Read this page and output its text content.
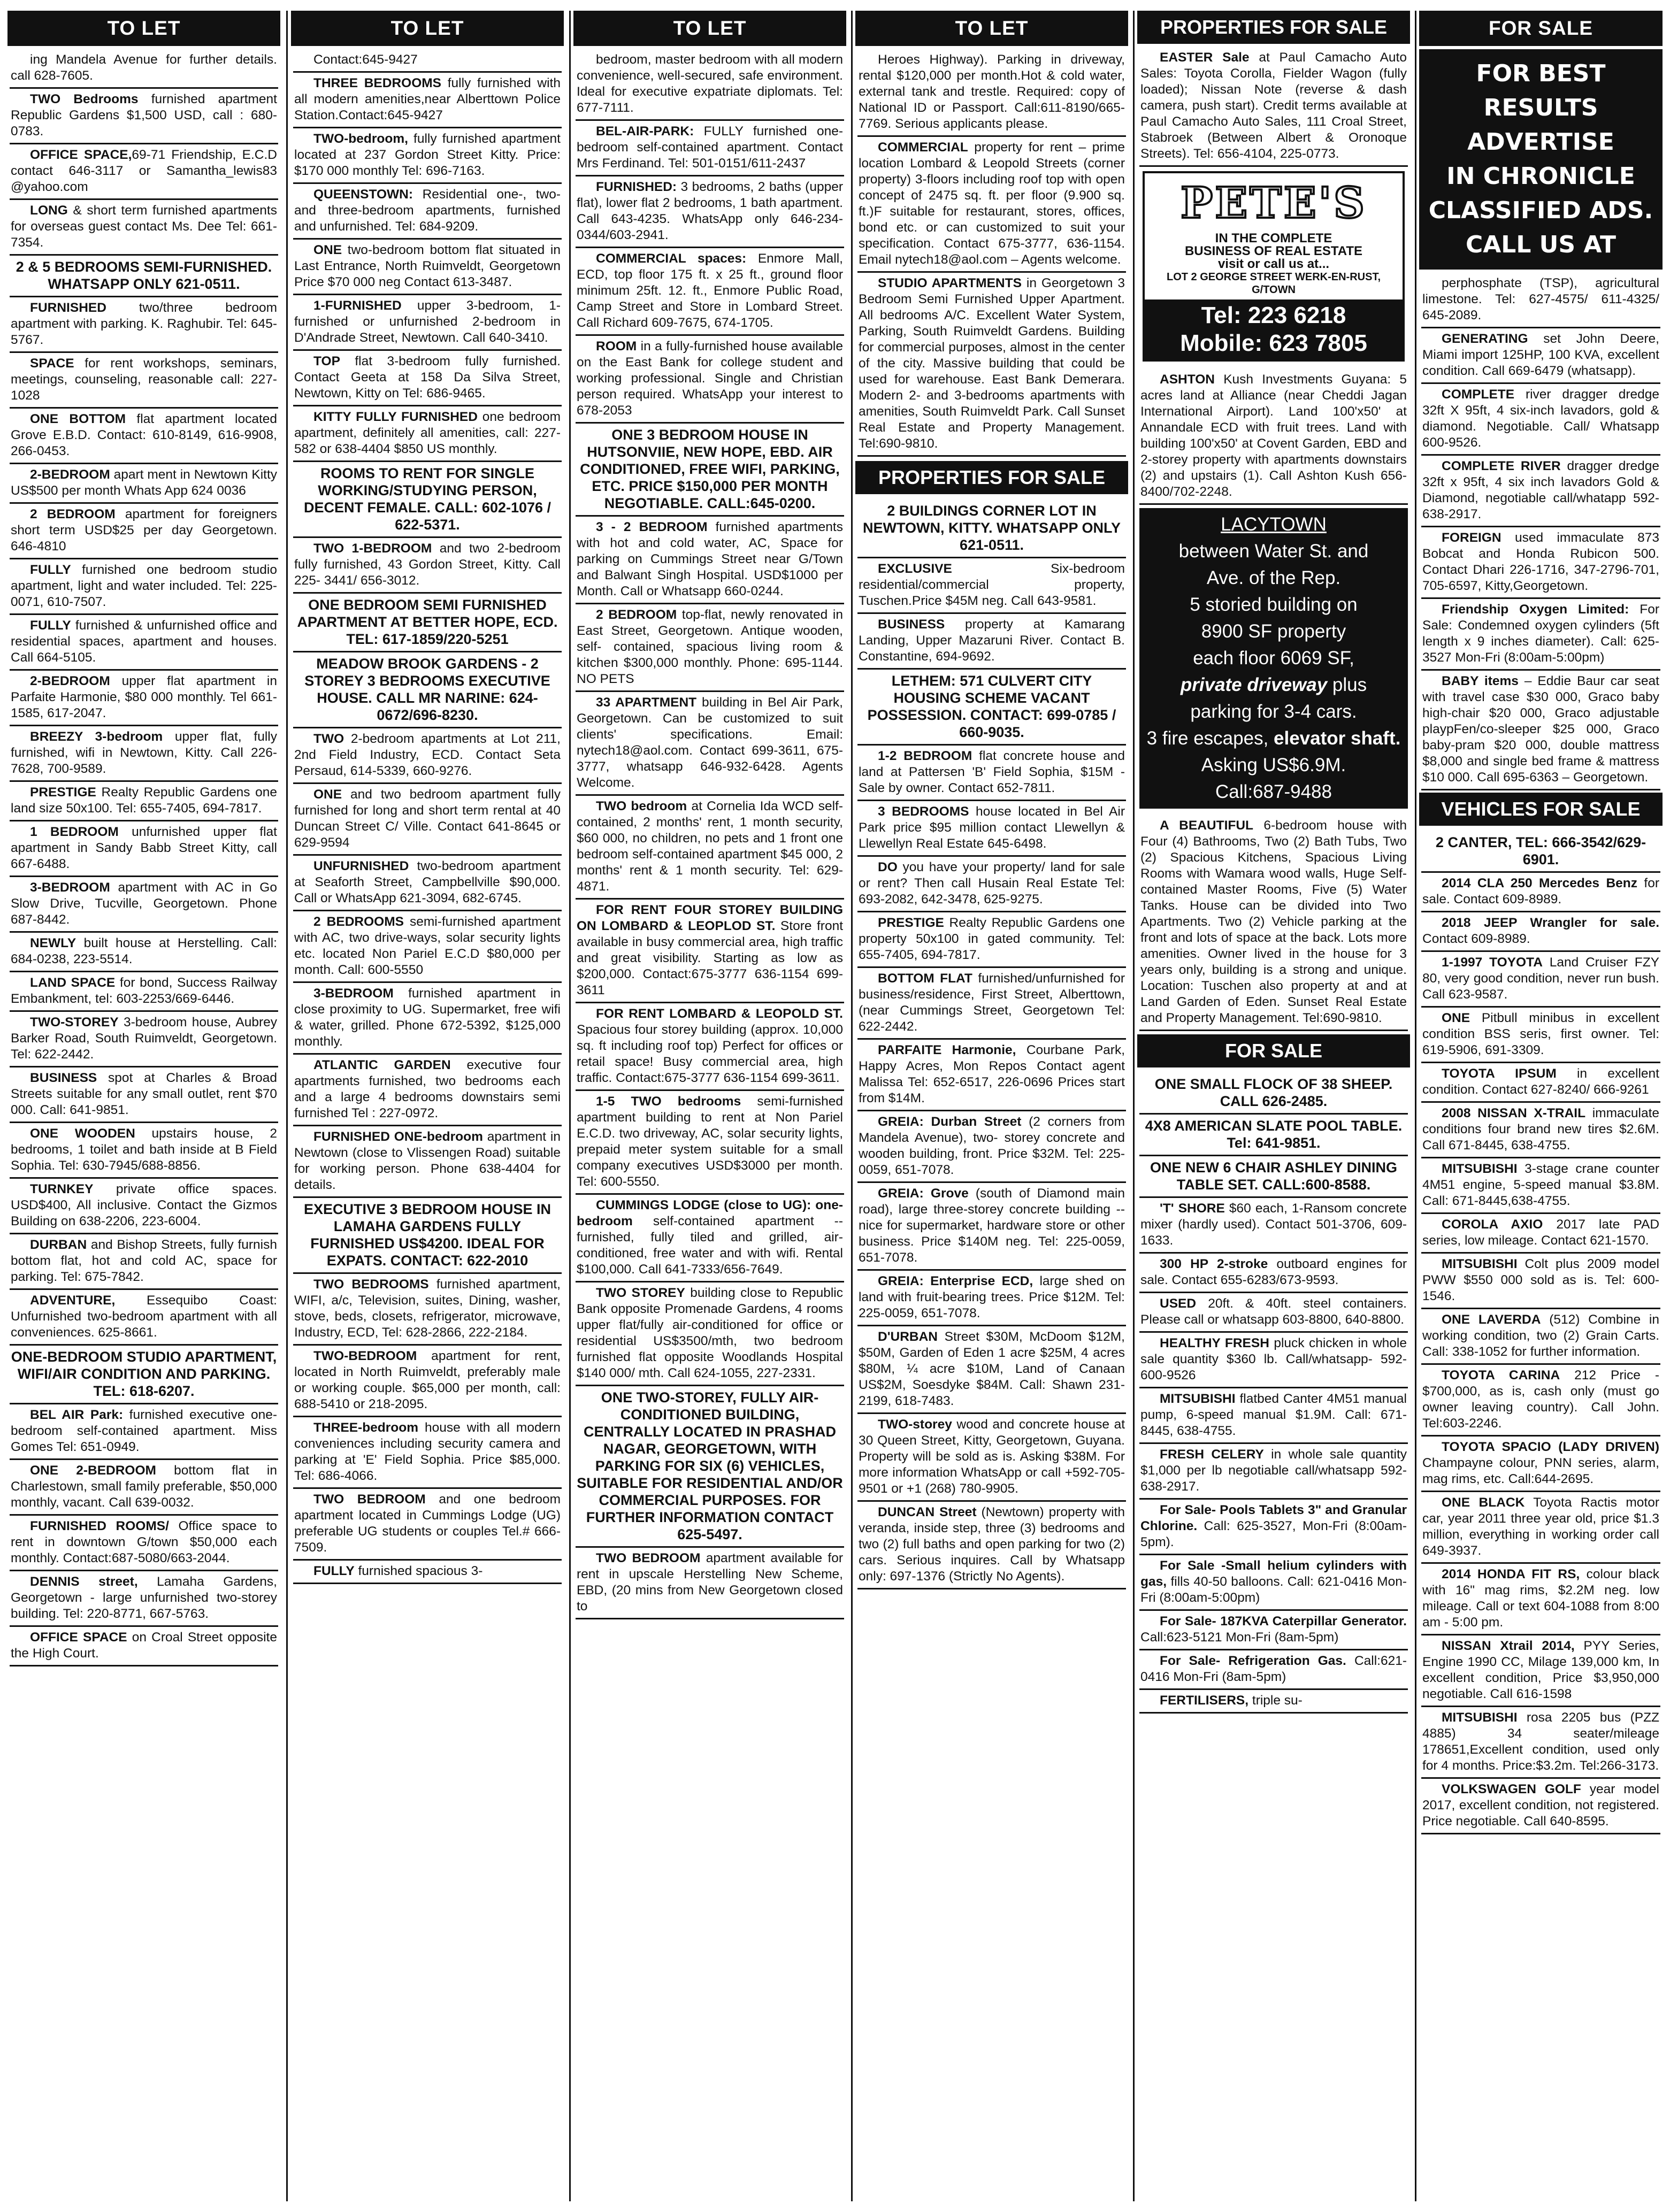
TO LET
ing Mandela Avenue for further details. call 628-7605.
TWO Bedrooms furnished apartment Republic Gardens $1,500 USD, call : 680-0783.
OFFICE SPACE,69-71 Friendship, E.C.D contact 646-3117 or Samantha_lewis83 @yahoo.com
LONG & short term furnished apartments for overseas guest contact Ms. Dee Tel: 661-7354.
2 & 5 BEDROOMS SEMI-FURNISHED. WHATSAPP ONLY 621-0511.
FURNISHED two/three bedroom apartment with parking. K. Raghubir. Tel: 645-5767.
SPACE for rent workshops, seminars, meetings, counseling, reasonable call: 227-1028
ONE BOTTOM flat apartment located Grove E.B.D. Contact: 610-8149, 616-9908, 266-0453.
2-BEDROOM apart ment in Newtown Kitty US$500 per month Whats App 624 0036
2 BEDROOM apartment for foreigners short term USD$25 per day Georgetown. 646-4810
FULLY furnished one bedroom studio apartment, light and water included. Tel: 225-0071, 610-7507.
FULLY furnished & unfurnished office and residential spaces, apartment and houses. Call 664-5105.
2-BEDROOM upper flat apartment in Parfaite Harmonie, $80 000 monthly. Tel 661-1585, 617-2047.
BREEZY 3-bedroom upper flat, fully furnished, wifi in Newtown, Kitty. Call 226-7628, 700-9589.
PRESTIGE Realty Republic Gardens one land size 50x100. Tel: 655-7405, 694-7817.
1 BEDROOM unfurnished upper flat apartment in Sandy Babb Street Kitty, call 667-6488.
3-BEDROOM apartment with AC in Go Slow Drive, Tucville, Georgetown. Phone 687-8442.
NEWLY built house at Herstelling. Call: 684-0238, 223-5514.
LAND SPACE for bond, Success Railway Embankment, tel: 603-2253/669-6446.
TWO-STOREY 3-bedroom house, Aubrey Barker Road, South Ruimveldt, Georgetown. Tel: 622-2442.
BUSINESS spot at Charles & Broad Streets suitable for any small outlet, rent $70 000. Call: 641-9851.
ONE WOODEN upstairs house, 2 bedrooms, 1 toilet and bath inside at B Field Sophia. Tel: 630-7945/688-8856.
TURNKEY private office spaces. USD$400, All inclusive. Contact the Gizmos Building on 638-2206, 223-6004.
DURBAN and Bishop Streets, fully furnish bottom flat, hot and cold AC, space for parking. Tel: 675-7842.
ADVENTURE, Essequibo Coast: Unfurnished two-bedroom apartment with all conveniences. 625-8661.
ONE-BEDROOM STUDIO APARTMENT, WIFI/AIR CONDITION AND PARKING. TEL: 618-6207.
BEL AIR Park: furnished executive one-bedroom self-contained apartment. Miss Gomes Tel: 651-0949.
ONE 2-BEDROOM bottom flat in Charlestown, small family preferable, $50,000 monthly, vacant. Call 639-0032.
FURNISHED ROOMS/ Office space to rent in downtown G/town $50,000 each monthly. Contact:687-5080/663-2044.
DENNIS street, Lamaha Gardens, Georgetown - large unfurnished two-storey building. Tel: 220-8771, 667-5763.
OFFICE SPACE on Croal Street opposite the High Court.
TO LET
Contact:645-9427
THREE BEDROOMS fully furnished with all modern amenities,near Alberttown Police Station.Contact:645-9427
TWO-bedroom, fully furnished apartment located at 237 Gordon Street Kitty. Price: $170 000 monthly Tel: 696-7163.
QUEENSTOWN: Residential one-, two- and three-bedroom apartments, furnished and unfurnished. Tel: 684-9209.
ONE two-bedroom bottom flat situated in Last Entrance, North Ruimveldt, Georgetown Price $70 000 neg Contact 613-3487.
1-FURNISHED upper 3-bedroom, 1-furnished or unfurnished 2-bedroom in D'Andrade Street, Newtown. Call 640-3410.
TOP flat 3-bedroom fully furnished. Contact Geeta at 158 Da Silva Street, Newtown, Kitty on Tel: 686-9465.
KITTY FULLY FURNISHED one bedroom apartment, definitely all amenities, call: 227-582 or 638-4404 $850 US monthly.
ROOMS TO RENT FOR SINGLE WORKING/STUDYING PERSON, DECENT FEMALE. CALL: 602-1076 / 622-5371.
TWO 1-BEDROOM and two 2-bedroom fully furnished, 43 Gordon Street, Kitty. Call 225- 3441/ 656-3012.
ONE BEDROOM SEMI FURNISHED APARTMENT AT BETTER HOPE, ECD. TEL: 617-1859/220-5251
MEADOW BROOK GARDENS - 2 STOREY 3 BEDROOMS EXECUTIVE HOUSE. CALL MR NARINE: 624-0672/696-8230.
TWO 2-bedroom apartments at Lot 211, 2nd Field Industry, ECD. Contact Seta Persaud, 614-5339, 660-9276.
ONE and two bedroom apartment fully furnished for long and short term rental at 40 Duncan Street C/ Ville. Contact 641-8645 or 629-9594
UNFURNISHED two-bedroom apartment at Seaforth Street, Campbellville $90,000. Call or WhatsApp 621-3094, 682-6745.
2 BEDROOMS semi-furnished apartment with AC, two drive-ways, solar security lights etc. located Non Pariel E.C.D $80,000 per month. Call: 600-5550
3-BEDROOM furnished apartment in close proximity to UG. Supermarket, free wifi & water, grilled. Phone 672-5392, $125,000 monthly.
ATLANTIC GARDEN executive four apartments furnished, two bedrooms each and a large 4 bedrooms downstairs semi furnished Tel : 227-0972.
FURNISHED ONE-bedroom apartment in Newtown (close to Vlissengen Road) suitable for working person. Phone 638-4404 for details.
EXECUTIVE 3 BEDROOM HOUSE IN LAMAHA GARDENS FULLY FURNISHED US$4200. IDEAL FOR EXPATS. CONTACT: 622-2010
TWO BEDROOMS furnished apartment, WIFI, a/c, Television, suites, Dining, washer, stove, beds, closets, refrigerator, microwave, Industry, ECD, Tel: 628-2866, 222-2184.
TWO-BEDROOM apartment for rent, located in North Ruimveldt, preferably male or working couple. $65,000 per month, call: 688-5410 or 218-2095.
THREE-bedroom house with all modern conveniences including security camera and parking at 'E' Field Sophia. Price $85,000. Tel: 686-4066.
TWO BEDROOM and one bedroom apartment located in Cummings Lodge (UG) preferable UG students or couples Tel.# 666-7509.
FULLY furnished spacious 3-
TO LET
bedroom, master bedroom with all modern convenience, well-secured, safe environment. Ideal for executive expatriate diplomats. Tel: 677-7111.
BEL-AIR-PARK: FULLY furnished one-bedroom self-contained apartment. Contact Mrs Ferdinand. Tel: 501-0151/611-2437
FURNISHED: 3 bedrooms, 2 baths (upper flat), lower flat 2 bedrooms, 1 bath apartment. Call 643-4235. WhatsApp only 646-234-0344/603-2941.
COMMERCIAL spaces: Enmore Mall, ECD, top floor 175 ft. x 25 ft., ground floor minimum 25ft. 12. ft., Enmore Public Road, Camp Street and Store in Lombard Street. Call Richard 609-7675, 674-1705.
ROOM in a fully-furnished house available on the East Bank for college student and working professional. Single and Christian person required. WhatsApp your interest to 678-2053
ONE 3 BEDROOM HOUSE IN HUTSONVIIE, NEW HOPE, EBD. AIR CONDITIONED, FREE WIFI, PARKING, ETC. PRICE $150,000 PER MONTH NEGOTIABLE. CALL:645-0200.
3 - 2 BEDROOM furnished apartments with hot and cold water, AC, Space for parking on Cummings Street near G/Town and Balwant Singh Hospital. USD$1000 per Month. Call or Whatsapp 660-0244.
2 BEDROOM top-flat, newly renovated in East Street, Georgetown. Antique wooden, self- contained, spacious living room & kitchen $300,000 monthly. Phone: 695-1144. NO PETS
33 APARTMENT building in Bel Air Park, Georgetown. Can be customized to suit clients' specifications. Email: nytech18@aol.com. Contact 699-3611, 675-3777, whatsapp 646-932-6428. Agents Welcome.
TWO bedroom at Cornelia Ida WCD self-contained, 2 months' rent, 1 month security, $60 000, no children, no pets and 1 front one bedroom self-contained apartment $45 000, 2 months' rent & 1 month security. Tel: 629-4871.
FOR RENT FOUR STOREY BUILDING ON LOMBARD & LEOPLOD ST. Store front available in busy commercial area, high traffic and great visibility. Starting as low as $200,000. Contact:675-3777 636-1154 699-3611
FOR RENT LOMBARD & LEOPOLD ST. Spacious four storey building (approx. 10,000 sq. ft including roof top) Perfect for offices or retail space! Busy commercial area, high traffic. Contact:675-3777 636-1154 699-3611.
1-5 TWO bedrooms semi-furnished apartment building to rent at Non Pariel E.C.D. two driveway, AC, solar security lights, prepaid meter system suitable for a small company executives USD$3000 per month. Tel: 600-5550.
CUMMINGS LODGE (close to UG): one-bedroom self-contained apartment -- furnished, fully tiled and grilled, air-conditioned, free water and with wifi. Rental $100,000. Call 641-7333/656-7649.
TWO STOREY building close to Republic Bank opposite Promenade Gardens, 4 rooms upper flat/fully air-conditioned for office or residential US$3500/mth, two bedroom furnished flat opposite Woodlands Hospital $140 000/ mth. Call 624-1055, 227-2331.
ONE TWO-STOREY, FULLY AIR-CONDITIONED BUILDING, CENTRALLY LOCATED IN PRASHAD NAGAR, GEORGETOWN, WITH PARKING FOR SIX (6) VEHICLES, SUITABLE FOR RESIDENTIAL AND/OR COMMERCIAL PURPOSES. FOR FURTHER INFORMATION CONTACT 625-5497.
TWO BEDROOM apartment available for rent in upscale Herstelling New Scheme, EBD, (20 mins from New Georgetown closed to
TO LET
Heroes Highway). Parking in driveway, rental $120,000 per month.Hot & cold water, external tank and trestle. Required: copy of National ID or Passport. Call:611-8190/665-7769. Serious applicants please.
COMMERCIAL property for rent – prime location Lombard & Leopold Streets (corner property) 3-floors including roof top with open concept of 2475 sq. ft. per floor (9.900 sq. ft.)F suitable for restaurant, stores, offices, bond etc. or can customized to suit your specification. Contact 675-3777, 636-1154. Email nytech18@aol.com – Agents welcome.
STUDIO APARTMENTS in Georgetown 3 Bedroom Semi Furnished Upper Apartment. All bedrooms A/C. Excellent Water System, Parking, South Ruimveldt Gardens. Building for commercial purposes, almost in the center of the city. Massive building that could be used for warehouse. East Bank Demerara. Modern 2- and 3-bedrooms apartments with amenities, South Ruimveldt Park. Call Sunset Real Estate and Property Management. Tel:690-9810.
PROPERTIES FOR SALE
2 BUILDINGS CORNER LOT IN NEWTOWN, KITTY. WHATSAPP ONLY 621-0511.
EXCLUSIVE Six-bedroom residential/commercial property, Tuschen.Price $45M neg. Call 643-9581.
BUSINESS property at Kamarang Landing, Upper Mazaruni River. Contact B. Constantine, 694-9692.
LETHEM: 571 CULVERT CITY HOUSING SCHEME VACANT POSSESSION. CONTACT: 699-0785 / 660-9035.
1-2 BEDROOM flat concrete house and land at Pattersen 'B' Field Sophia, $15M - Sale by owner. Contact 652-7811.
3 BEDROOMS house located in Bel Air Park price $95 million contact Llewellyn & Llewellyn Real Estate 645-6498.
DO you have your property/ land for sale or rent? Then call Husain Real Estate Tel: 693-2082, 642-3478, 625-9275.
PRESTIGE Realty Republic Gardens one property 50x100 in gated community. Tel: 655-7405, 694-7817.
BOTTOM FLAT furnished/unfurnished for business/residence, First Street, Alberttown, (near Cummings Street, Georgetown Tel: 622-2442.
PARFAITE Harmonie, Courbane Park, Happy Acres, Mon Repos Contact agent Malissa Tel: 652-6517, 226-0696 Prices start from $14M.
GREIA: Durban Street (2 corners from Mandela Avenue), two- storey concrete and wooden building, front. Price $32M. Tel: 225-0059, 651-7078.
GREIA: Grove (south of Diamond main road), large three-storey concrete building -- nice for supermarket, hardware store or other business. Price $140M neg. Tel: 225-0059, 651-7078.
GREIA: Enterprise ECD, large shed on land with fruit-bearing trees. Price $12M. Tel: 225-0059, 651-7078.
D'URBAN Street $30M, McDoom $12M, $50M, Garden of Eden 1 acre $25M, 4 acres $80M, ¼ acre $10M, Land of Canaan US$2M, Soesdyke $84M. Call: Shawn 231-2199, 618-7483.
TWO-storey wood and concrete house at 30 Queen Street, Kitty, Georgetown, Guyana. Property will be sold as is. Asking $38M. For more information WhatsApp or call +592-705-9501 or +1 (268) 780-9905.
DUNCAN Street (Newtown) property with veranda, inside step, three (3) bedrooms and two (2) full baths and open parking for two (2) cars. Serious inquires. Call by Whatsapp only: 697-1376 (Strictly No Agents).
PROPERTIES FOR SALE
EASTER Sale at Paul Camacho Auto Sales: Toyota Corolla, Fielder Wagon (fully loaded); Nissan Note (reverse & dash camera, push start). Credit terms available at Paul Camacho Auto Sales, 111 Croal Street, Stabroek (Between Albert & Oronoque Streets). Tel: 656-4104, 225-0773.
PETE'S
IN THE COMPLETE
BUSINESS OF REAL ESTATE
visit or call us at...
LOT 2 GEORGE STREET WERK-EN-RUST, G/TOWN
Tel: 223 6218
Mobile: 623 7805
ASHTON Kush Investments Guyana: 5 acres land at Alliance (near Cheddi Jagan International Airport). Land 100'x50' at Annandale ECD with fruit trees. Land with building 100'x50' at Covent Garden, EBD and 2-storey property with apartments downstairs (2) and upstairs (1). Call Ashton Kush 656-8400/702-2248.
LACYTOWN
between Water St. and
Ave. of the Rep.
5 storied building on
8900 SF property
each floor 6069 SF,
private driveway plus
parking for 3-4 cars.
3 fire escapes, elevator shaft.
Asking US$6.9M.
Call:687-9488
A BEAUTIFUL 6-bedroom house with Four (4) Bathrooms, Two (2) Bath Tubs, Two (2) Spacious Kitchens, Spacious Living Rooms with Wamara wood walls, Huge Self-contained Master Rooms, Five (5) Water Tanks. House can be divided into Two Apartments. Two (2) Vehicle parking at the front and lots of space at the back. Lots more amenities. Owner lived in the house for 3 years only, building is a strong and unique. Location: Tuschen also property at and at Land Garden of Eden. Sunset Real Estate and Property Management. Tel:690-9810.
FOR SALE
ONE SMALL FLOCK OF 38 SHEEP. CALL 626-2485.
4X8 AMERICAN SLATE POOL TABLE. Tel: 641-9851.
ONE NEW 6 CHAIR ASHLEY DINING TABLE SET. CALL:600-8588.
'T' SHORE $60 each, 1-Ransom concrete mixer (hardly used). Contact 501-3706, 609-1633.
300 HP 2-stroke outboard engines for sale. Contact 655-6283/673-9593.
USED 20ft. & 40ft. steel containers. Please call or whatsapp 603-8800, 640-8800.
HEALTHY FRESH pluck chicken in whole sale quantity $360 lb. Call/whatsapp- 592-600-9526
MITSUBISHI flatbed Canter 4M51 manual pump, 6-speed manual $1.9M. Call: 671-8445, 638-4755.
FRESH CELERY in whole sale quantity $1,000 per lb negotiable call/whatsapp 592-638-2917.
For Sale- Pools Tablets 3" and Granular Chlorine. Call: 625-3527, Mon-Fri (8:00am-5pm).
For Sale -Small helium cylinders with gas, fills 40-50 balloons. Call: 621-0416 Mon-Fri (8:00am-5:00pm)
For Sale- 187KVA Caterpillar Generator. Call:623-5121 Mon-Fri (8am-5pm)
For Sale- Refrigeration Gas. Call:621-0416 Mon-Fri (8am-5pm)
FERTILISERS, triple su-
FOR SALE
FOR BEST RESULTS
ADVERTISE
IN CHRONICLE
CLASSIFIED ADS.
CALL US AT
perphosphate (TSP), agricultural limestone. Tel: 627-4575/ 611-4325/ 645-2089.
GENERATING set John Deere, Miami import 125HP, 100 KVA, excellent condition. Call 669-6479 (whatsapp).
COMPLETE river dragger dredge 32ft X 95ft, 4 six-inch lavadors, gold & diamond. Negotiable. Call/ Whatsapp 600-9526.
COMPLETE RIVER dragger dredge 32ft x 95ft, 4 six inch lavadors Gold & Diamond, negotiable call/whatapp 592-638-2917.
FOREIGN used immaculate 873 Bobcat and Honda Rubicon 500. Contact Dhari 226-1716, 347-2796-701, 705-6597, Kitty,Georgetown.
Friendship Oxygen Limited: For Sale: Condemned oxygen cylinders (5ft length x 9 inches diameter). Call: 625-3527 Mon-Fri (8:00am-5:00pm)
BABY items – Eddie Baur car seat with travel case $30 000, Graco baby high-chair $20 000, Graco adjustable playpFen/co-sleeper $25 000, Graco baby-pram $20 000, double mattress $8,000 and single bed frame & mattress $10 000. Call 695-6363 – Georgetown.
VEHICLES FOR SALE
2 CANTER, TEL: 666-3542/629-6901.
2014 CLA 250 Mercedes Benz for sale. Contact 609-8989.
2018 JEEP Wrangler for sale. Contact 609-8989.
1-1997 TOYOTA Land Cruiser FZY 80, very good condition, never run bush. Call 623-9587.
ONE Pitbull minibus in excellent condition BSS seris, first owner. Tel: 619-5906, 691-3309.
TOYOTA IPSUM in excellent condition. Contact 627-8240/ 666-9261
2008 NISSAN X-TRAIL immaculate conditions four brand new tires $2.6M. Call 671-8445, 638-4755.
MITSUBISHI 3-stage crane counter 4M51 engine, 5-speed manual $3.8M. Call: 671-8445,638-4755.
COROLA AXIO 2017 late PAD series, low mileage. Contact 621-1570.
MITSUBISHI Colt plus 2009 model PWW $550 000 sold as is. Tel: 600-1546.
ONE LAVERDA (512) Combine in working condition, two (2) Grain Carts. Call: 338-1052 for further information.
TOYOTA CARINA 212 Price - $700,000, as is, cash only (must go owner leaving country). Call John. Tel:603-2246.
TOYOTA SPACIO (LADY DRIVEN) Champayne colour, PNN series, alarm, mag rims, etc. Call:644-2695.
ONE BLACK Toyota Ractis motor car, year 2011 three year old, price $1.3 million, everything in working order call 649-3937.
2014 HONDA FIT RS, colour black with 16" mag rims, $2.2M neg. low mileage. Call or text 604-1088 from 8:00 am - 5:00 pm.
NISSAN Xtrail 2014, PYY Series, Engine 1990 CC, Milage 139,000 km, In excellent condition, Price $3,950,000 negotiable. Call 616-1598
MITSUBISHI rosa 2205 bus (PZZ 4885) 34 seater/mileage 178651,Excellent condition, used only for 4 months. Price:$3.2m. Tel:266-3173.
VOLKSWAGEN GOLF year model 2017, excellent condition, not registered. Price negotiable. Call 640-8595.
